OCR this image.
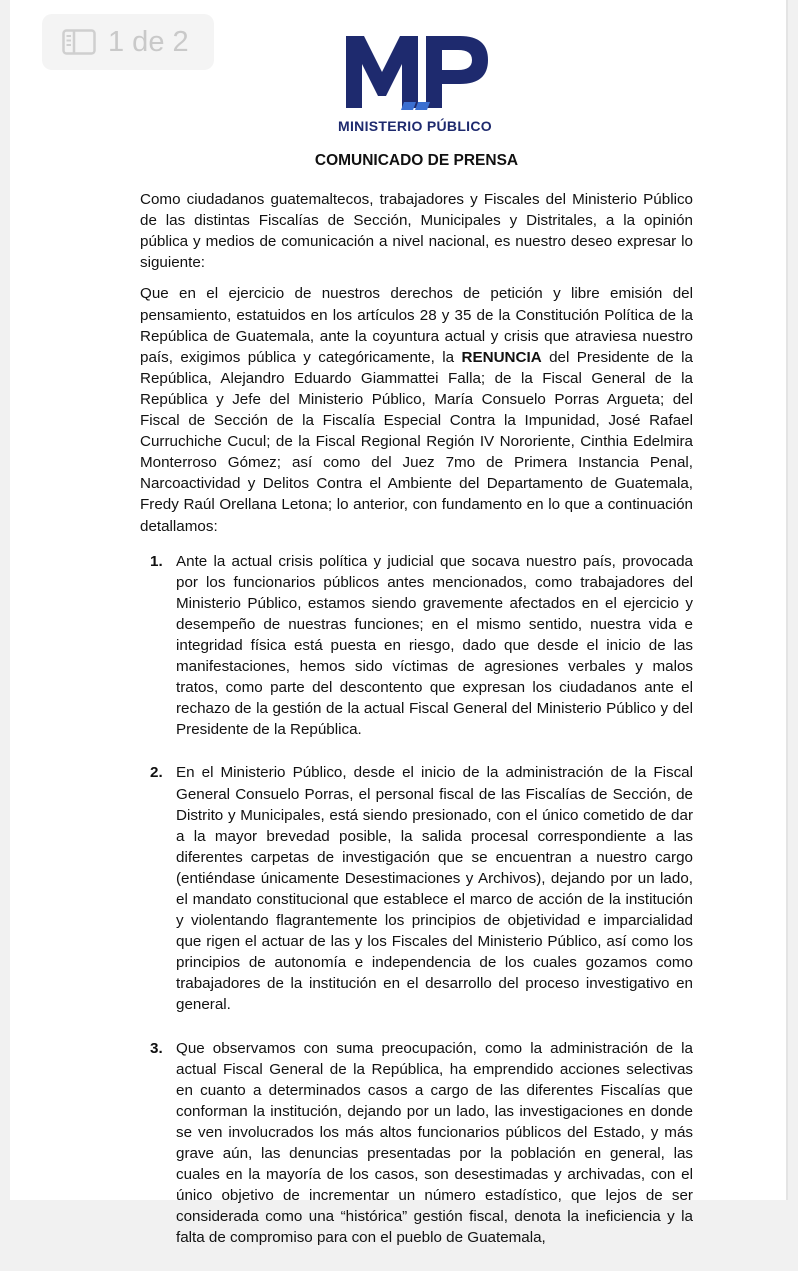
1 de 2
MINISTERIO PÚBLICO
COMUNICADO DE PRENSA

Como ciudadanos guatemaltecos, trabajadores y Fiscales del Ministerio Público de las distintas Fiscalías de Sección, Municipales y Distritales, a la opinión pública y medios de comunicación a nivel nacional, es nuestro deseo expresar lo siguiente:

Que en el ejercicio de nuestros derechos de petición y libre emisión del pensamiento, estatuidos en los artículos 28 y 35 de la Constitución Política de la República de Guatemala, ante la coyuntura actual y crisis que atraviesa nuestro país, exigimos pública y categóricamente, la RENUNCIA del Presidente de la República, Alejandro Eduardo Giammattei Falla; de la Fiscal General de la República y Jefe del Ministerio Público, María Consuelo Porras Argueta; del Fiscal de Sección de la Fiscalía Especial Contra la Impunidad, José Rafael Curruchiche Cucul; de la Fiscal Regional Región IV Nororiente, Cinthia Edelmira Monterroso Gómez; así como del Juez 7mo de Primera Instancia Penal, Narcoactividad y Delitos Contra el Ambiente del Departamento de Guatemala, Fredy Raúl Orellana Letona; lo anterior, con fundamento en lo que a continuación detallamos:

1. Ante la actual crisis política y judicial que socava nuestro país, provocada por los funcionarios públicos antes mencionados, como trabajadores del Ministerio Público, estamos siendo gravemente afectados en el ejercicio y desempeño de nuestras funciones; en el mismo sentido, nuestra vida e integridad física está puesta en riesgo, dado que desde el inicio de las manifestaciones, hemos sido víctimas de agresiones verbales y malos tratos, como parte del descontento que expresan los ciudadanos ante el rechazo de la gestión de la actual Fiscal General del Ministerio Público y del Presidente de la República.
2. En el Ministerio Público, desde el inicio de la administración de la Fiscal General Consuelo Porras, el personal fiscal de las Fiscalías de Sección, de Distrito y Municipales, está siendo presionado, con el único cometido de dar a la mayor brevedad posible, la salida procesal correspondiente a las diferentes carpetas de investigación que se encuentran a nuestro cargo (entiéndase únicamente Desestimaciones y Archivos), dejando por un lado, el mandato constitucional que establece el marco de acción de la institución y violentando flagrantemente los principios de objetividad e imparcialidad que rigen el actuar de las y los Fiscales del Ministerio Público, así como los principios de autonomía e independencia de los cuales gozamos como trabajadores de la institución en el desarrollo del proceso investigativo en general.
3. Que observamos con suma preocupación, como la administración de la actual Fiscal General de la República, ha emprendido acciones selectivas en cuanto a determinados casos a cargo de las diferentes Fiscalías que conforman la institución, dejando por un lado, las investigaciones en donde se ven involucrados los más altos funcionarios públicos del Estado, y más grave aún, las denuncias presentadas por la población en general, las cuales en la mayoría de los casos, son desestimadas y archivadas, con el único objetivo de incrementar un número estadístico, que lejos de ser considerada como una “histórica” gestión fiscal, denota la ineficiencia y la falta de compromiso para con el pueblo de Guatemala,
